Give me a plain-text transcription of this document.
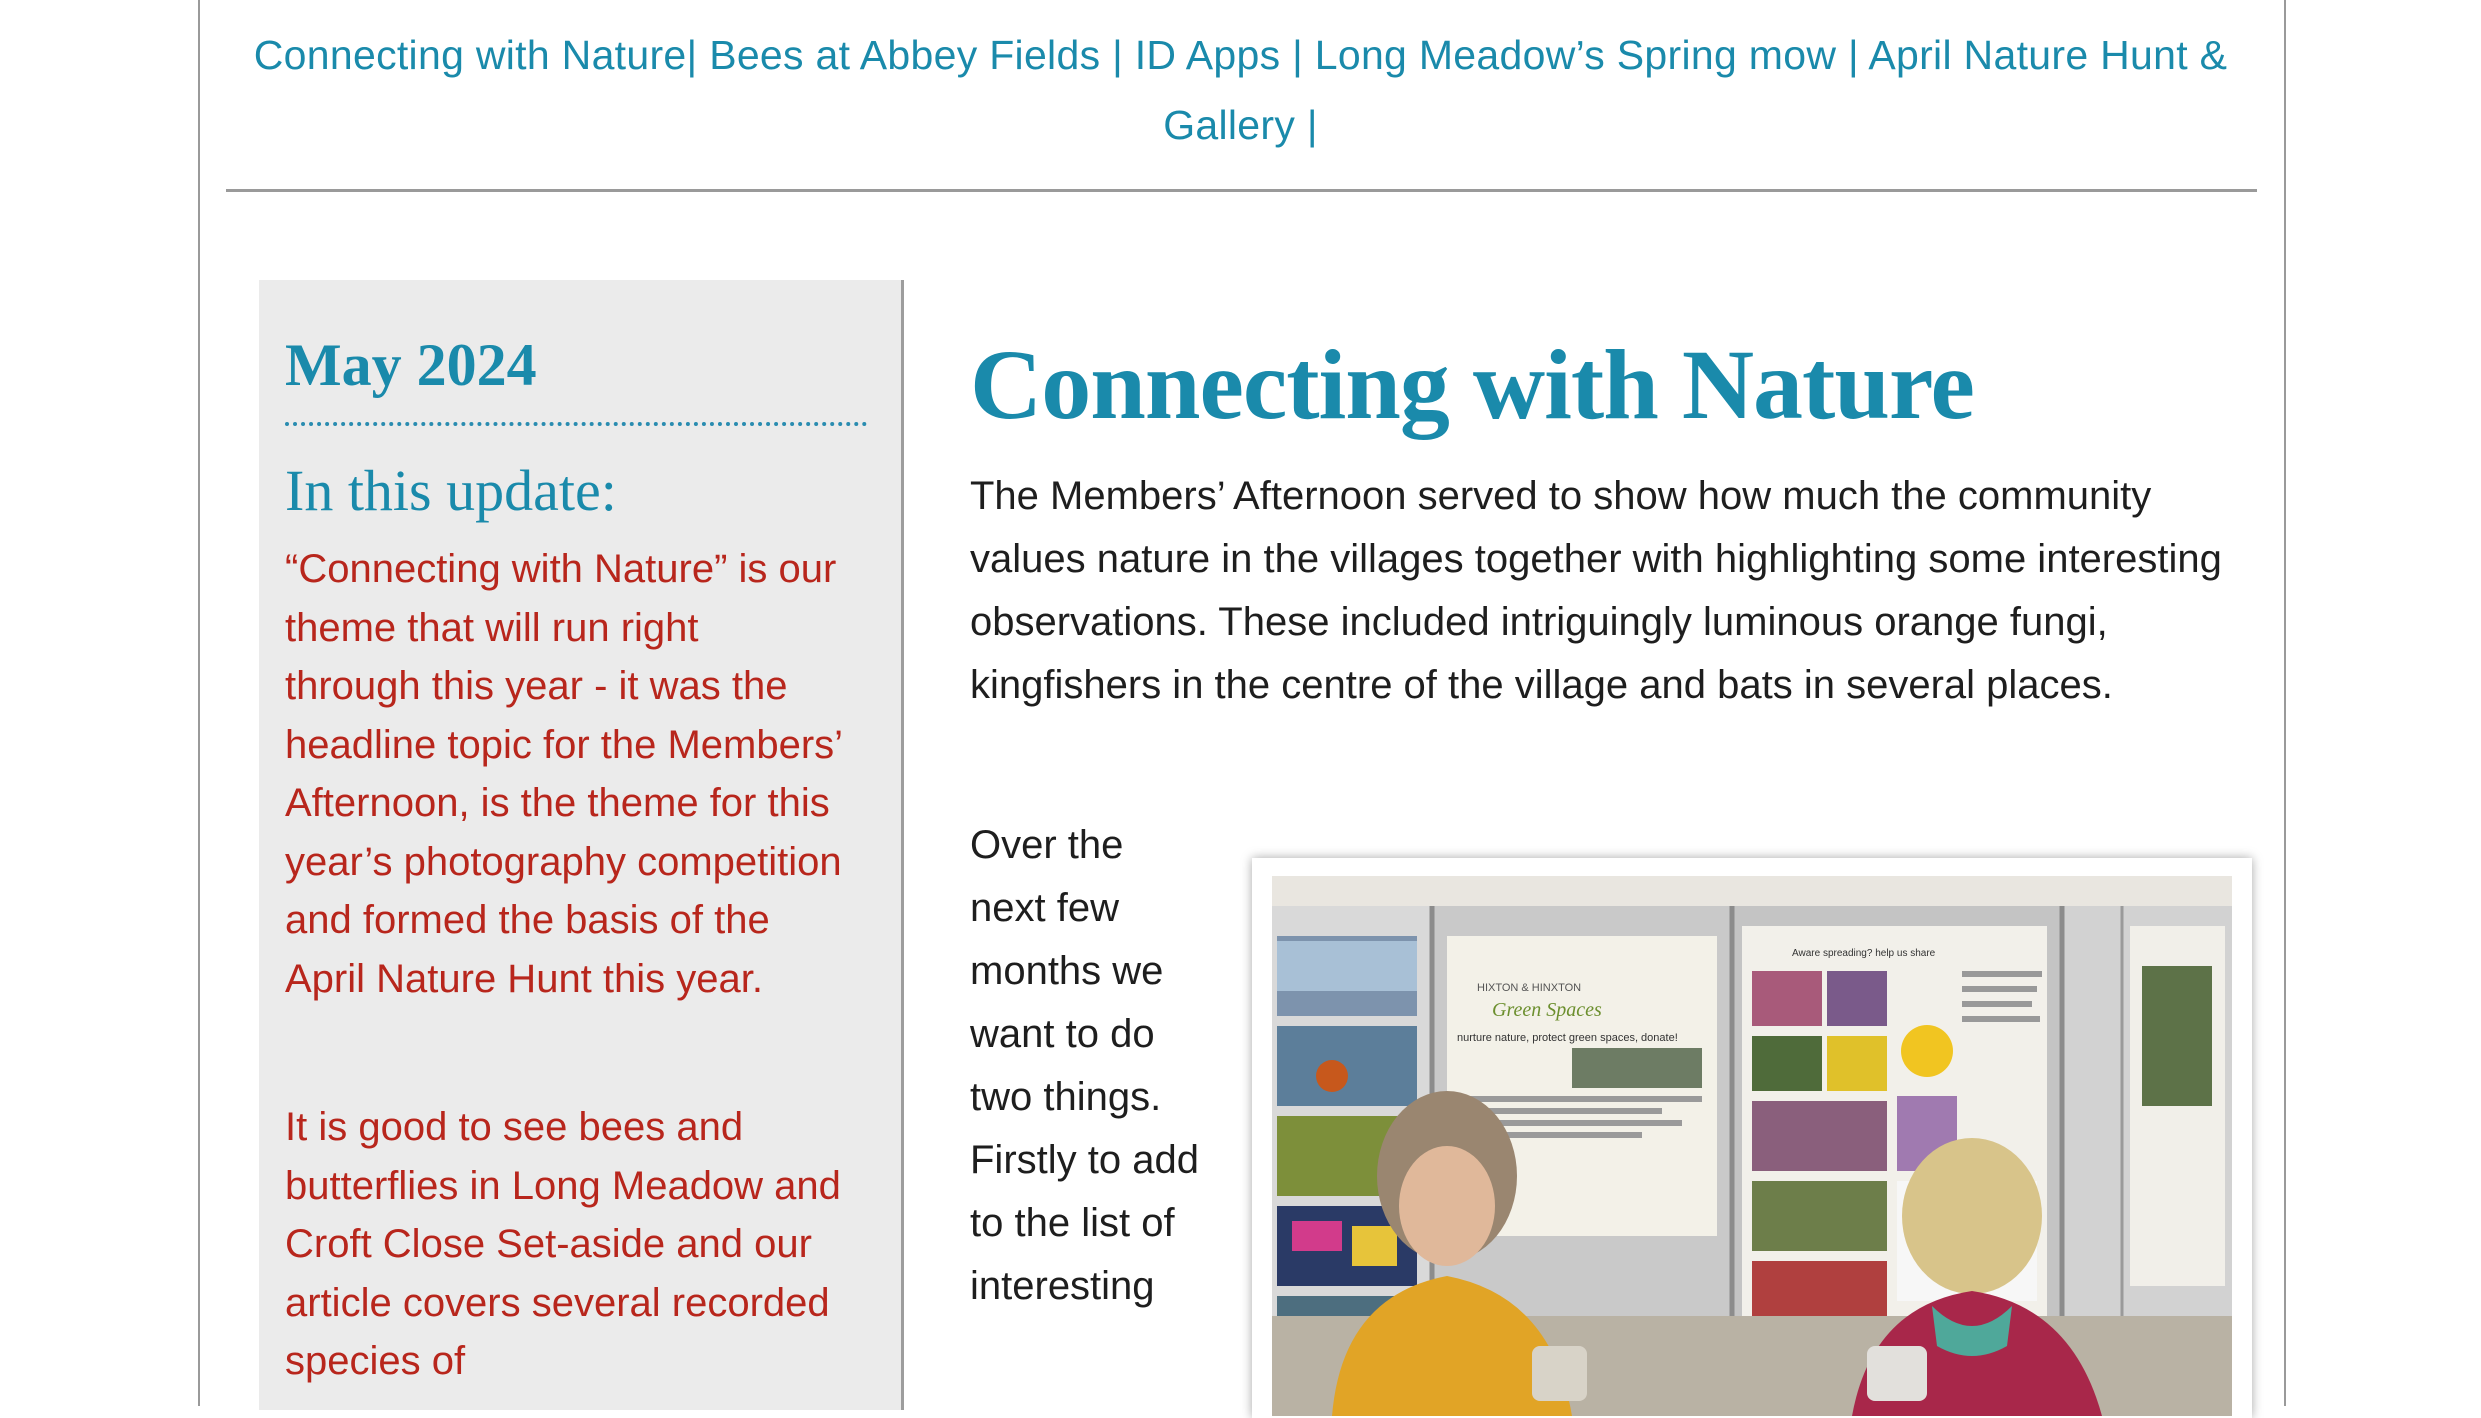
Connecting with Nature| Bees at Abbey Fields | ID Apps | Long Meadow’s Spring mow | April Nature Hunt & Gallery |
May 2024
In this update:

“Connecting with Nature” is our theme that will run right through this year - it was the headline topic for the Members’ Afternoon, is the theme for this year’s photography competition and formed the basis of the April Nature Hunt this year.

It is good to see bees and butterflies in Long Meadow and Croft Close Set-aside and our article covers several recorded species of

Connecting with Nature

The Members’ Afternoon served to show how much the community values nature in the villages together with highlighting some interesting observations. These included intriguingly luminous orange fungi, kingfishers in the centre of the village and bats in several places.

Over the next few months we want to do two things. Firstly to add to the list of interesting

HIXTON & HINXTON
Green Spaces
nurture nature, protect green spaces, donate!
Aware spreading? help us share
